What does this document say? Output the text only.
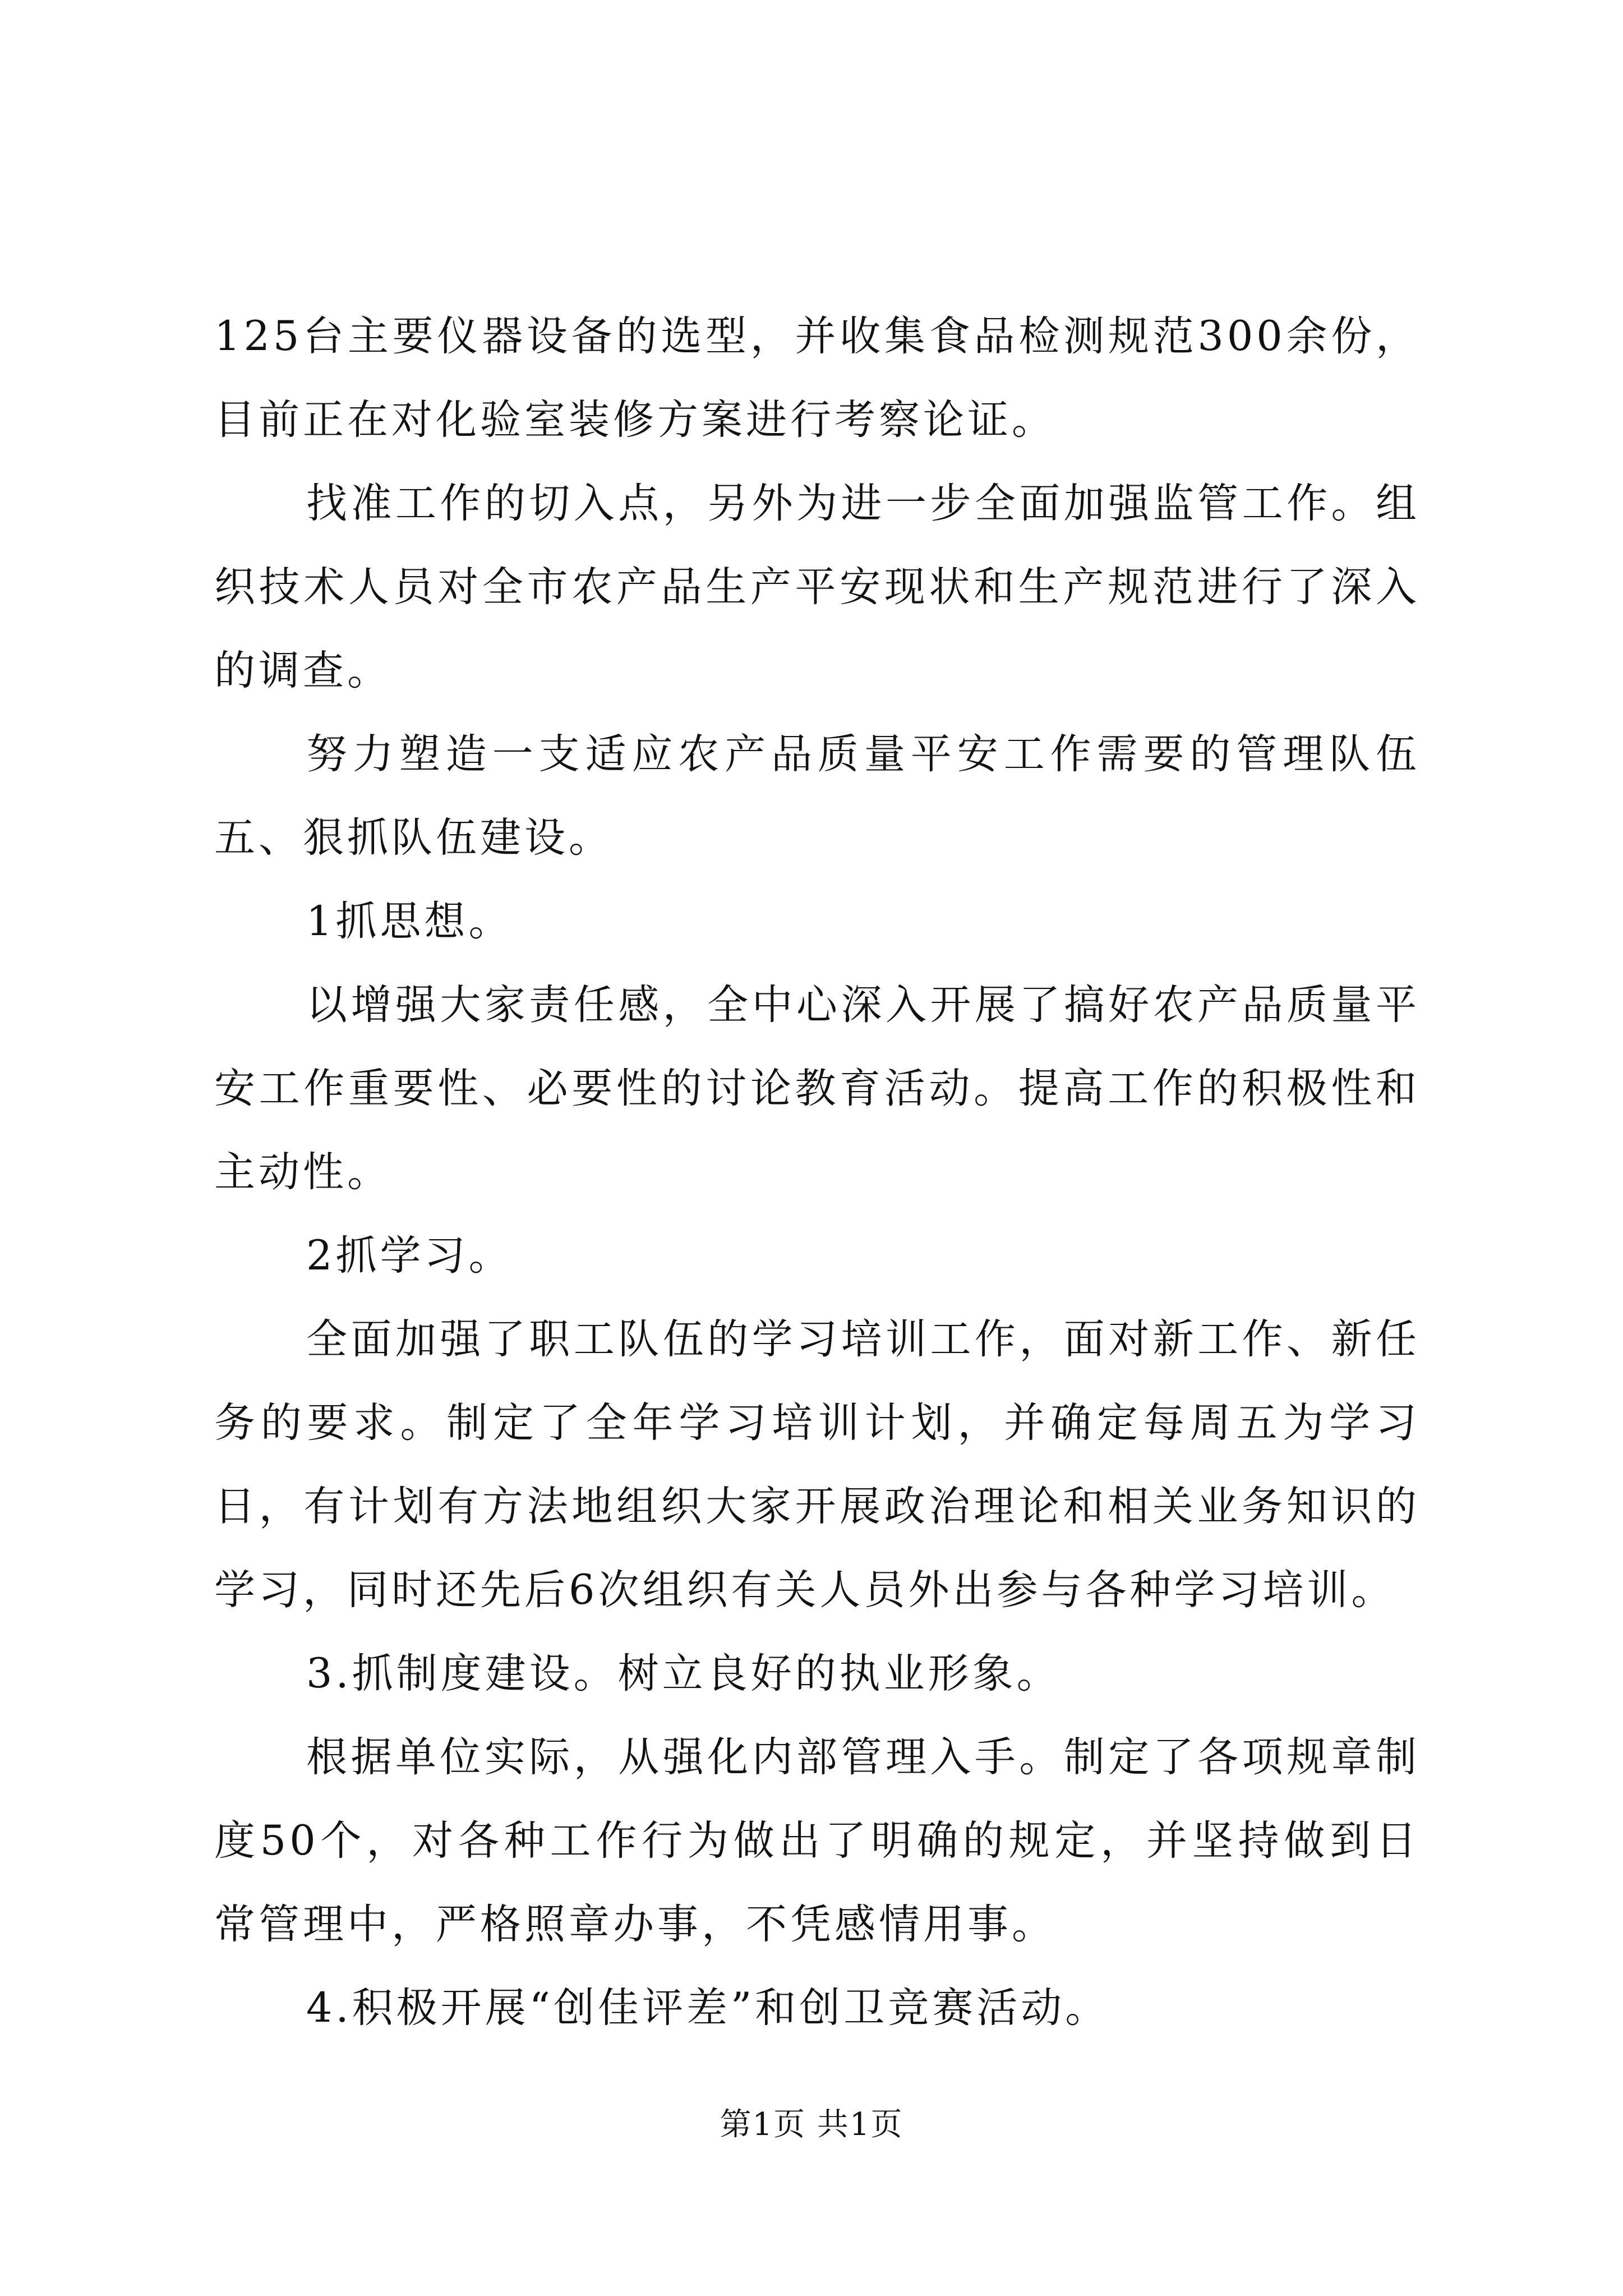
125台主要仪器设备的选型，并收集食品检测规范300余份，目前正在对化验室装修方案进行考察论证。

找准工作的切入点，另外为进一步全面加强监管工作。组织技术人员对全市农产品生产平安现状和生产规范进行了深入的调查。

努力塑造一支适应农产品质量平安工作需要的管理队伍五、狠抓队伍建设。

1抓思想。

以增强大家责任感，全中心深入开展了搞好农产品质量平安工作重要性、必要性的讨论教育活动。提高工作的积极性和主动性。

2抓学习。

全面加强了职工队伍的学习培训工作，面对新工作、新任务的要求。制定了全年学习培训计划，并确定每周五为学习日，有计划有方法地组织大家开展政治理论和相关业务知识的学习，同时还先后6次组织有关人员外出参与各种学习培训。

3.抓制度建设。树立良好的执业形象。

根据单位实际，从强化内部管理入手。制定了各项规章制度50个，对各种工作行为做出了明确的规定，并坚持做到日常管理中，严格照章办事，不凭感情用事。

4.积极开展“创佳评差”和创卫竞赛活动。

第1页 共1页
